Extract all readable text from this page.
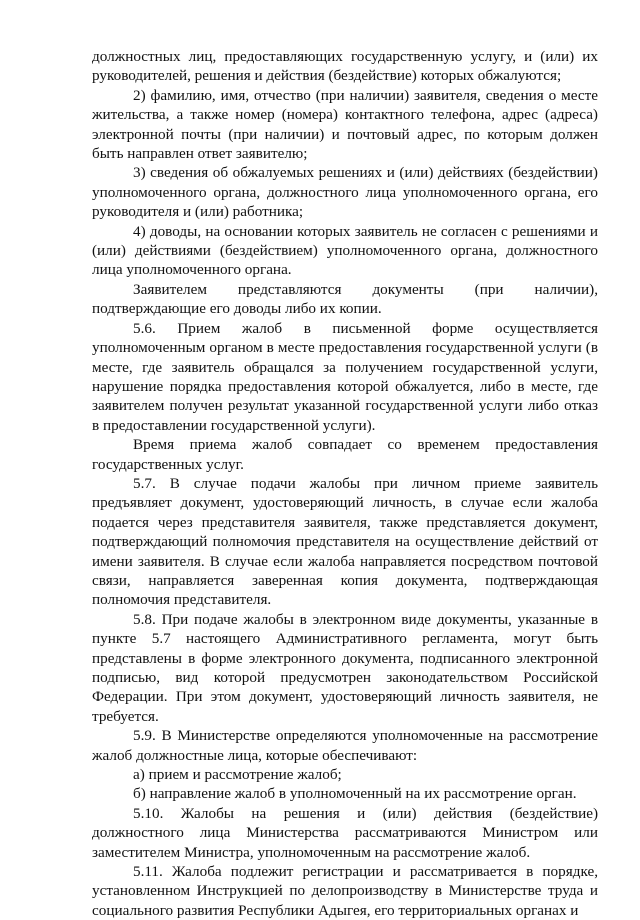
должностных лиц, предоставляющих государственную услугу, и (или) их руководителей, решения и действия (бездействие) которых обжалуются;

2) фамилию, имя, отчество (при наличии) заявителя, сведения о месте жительства, а также номер (номера) контактного телефона, адрес (адреса) электронной почты (при наличии) и почтовый адрес, по которым должен быть направлен ответ заявителю;

3) сведения об обжалуемых решениях и (или) действиях (бездействии) уполномоченного органа, должностного лица уполномоченного органа, его руководителя и (или) работника;

4) доводы, на основании которых заявитель не согласен с решениями и (или) действиями (бездействием) уполномоченного органа, должностного лица уполномоченного органа.

Заявителем представляются документы (при наличии), подтверждающие его доводы либо их копии.

5.6. Прием жалоб в письменной форме осуществляется уполномоченным органом в месте предоставления государственной услуги (в месте, где заявитель обращался за получением государственной услуги, нарушение порядка предоставления которой обжалуется, либо в месте, где заявителем получен результат указанной государственной услуги либо отказ в предоставлении государственной услуги).

Время приема жалоб совпадает со временем предоставления государственных услуг.

5.7. В случае подачи жалобы при личном приеме заявитель предъявляет документ, удостоверяющий личность, в случае если жалоба подается через представителя заявителя, также представляется документ, подтверждающий полномочия представителя на осуществление действий от имени заявителя. В случае если жалоба направляется посредством почтовой связи, направляется заверенная копия документа, подтверждающая полномочия представителя.

5.8. При подаче жалобы в электронном виде документы, указанные в пункте 5.7 настоящего Административного регламента, могут быть представлены в форме электронного документа, подписанного электронной подписью, вид которой предусмотрен законодательством Российской Федерации. При этом документ, удостоверяющий личность заявителя, не требуется.

5.9. В Министерстве определяются уполномоченные на рассмотрение жалоб должностные лица, которые обеспечивают:

а) прием и рассмотрение жалоб;

б) направление жалоб в уполномоченный на их рассмотрение орган.

5.10. Жалобы на решения и (или) действия (бездействие) должностного лица Министерства рассматриваются Министром или заместителем Министра, уполномоченным на рассмотрение жалоб.

5.11. Жалоба подлежит регистрации и рассматривается в порядке, установленном Инструкцией по делопроизводству в Министерстве труда и социального развития Республики Адыгея, его территориальных органах и
